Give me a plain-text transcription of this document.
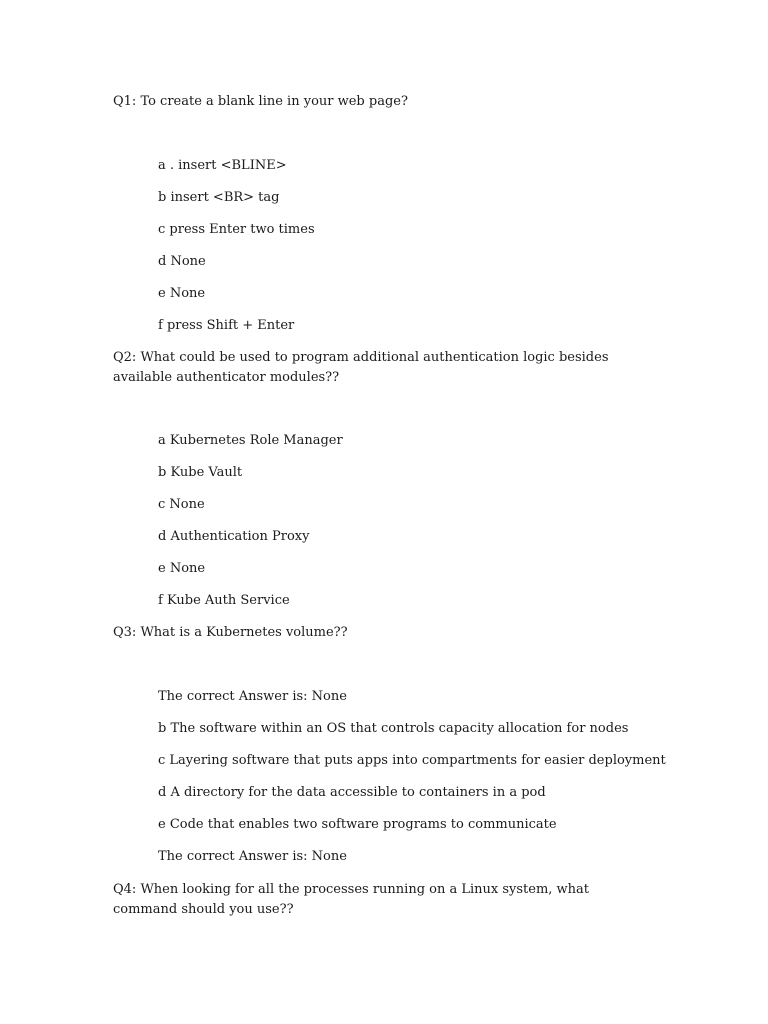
Q1: To create a blank line in your web page?
a . insert <BLINE>
b insert <BR> tag
c press Enter two times
d None
e None
f press Shift + Enter
Q2: What could be used to program additional authentication logic besides available authenticator modules??
a Kubernetes Role Manager
b Kube Vault
c None
d Authentication Proxy
e None
f Kube Auth Service
Q3: What is a Kubernetes volume??
The correct Answer is: None
b The software within an OS that controls capacity allocation for nodes
c Layering software that puts apps into compartments for easier deployment
d A directory for the data accessible to containers in a pod
e Code that enables two software programs to communicate
The correct Answer is: None
Q4: When looking for all the processes running on a Linux system, what command should you use??
